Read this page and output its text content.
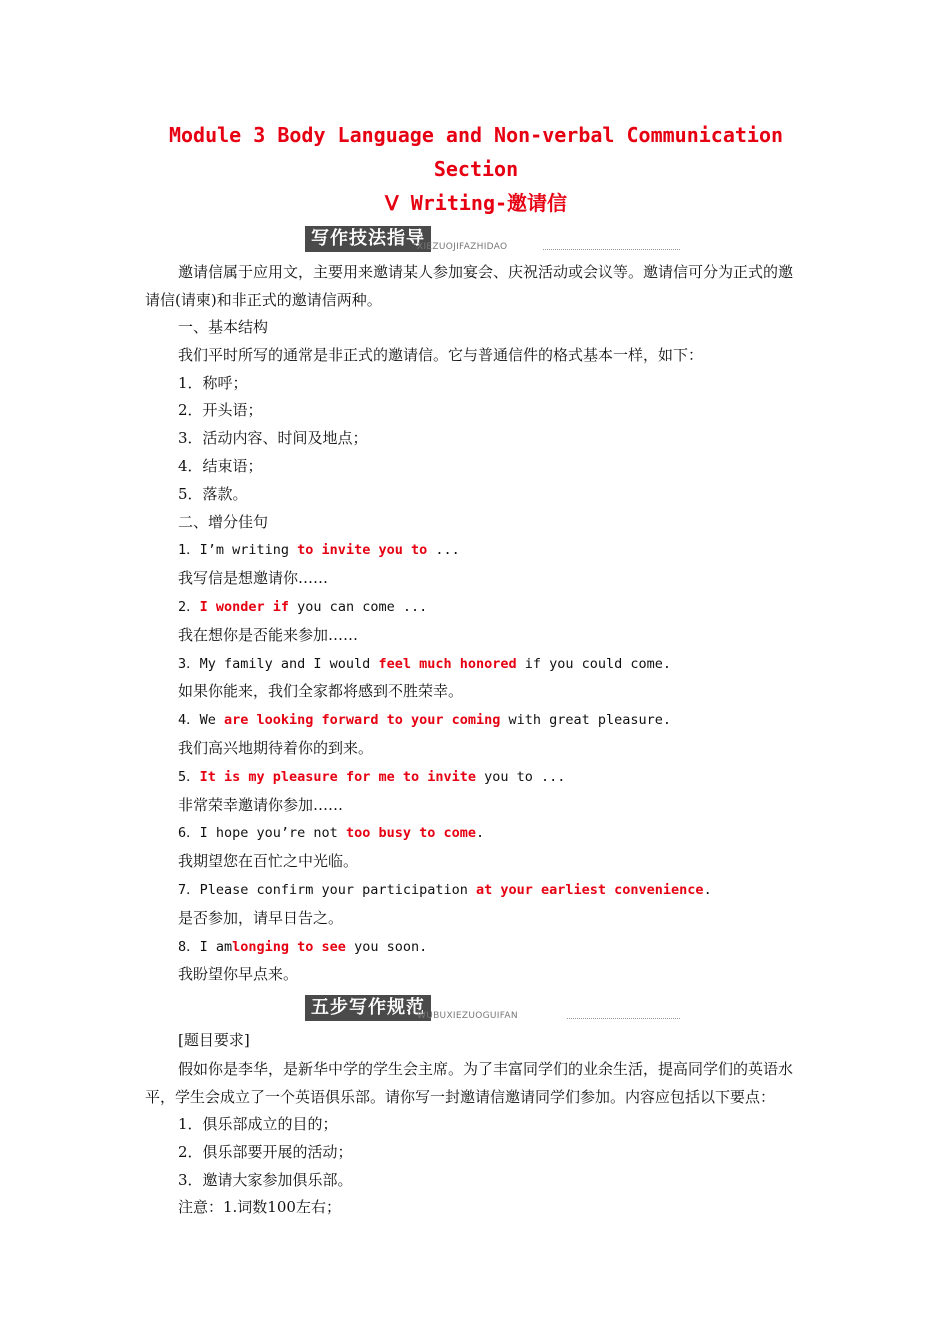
Module 3 Body Language and Non-verbal Communication Section

Ⅴ Writing-邀请信

写作技法指导
XIEZUOJIFAZHIDAO

邀请信属于应用文，主要用来邀请某人参加宴会、庆祝活动或会议等。邀请信可分为正式的邀请信(请柬)和非正式的邀请信两种。

一、基本结构

我们平时所写的通常是非正式的邀请信。它与普通信件的格式基本一样，如下：

1．称呼；

2．开头语；

3．活动内容、时间及地点；

4．结束语；

5．落款。

二、增分佳句

1．I’m writing to invite you to ...

我写信是想邀请你……

2．I wonder if you can come ...

我在想你是否能来参加……

3．My family and I would feel much honored if you could come.

如果你能来，我们全家都将感到不胜荣幸。

4．We are looking forward to your coming with great pleasure.

我们高兴地期待着你的到来。

5．It is my pleasure for me to invite you to ...

非常荣幸邀请你参加……

6．I hope you’re not too busy to come.

我期望您在百忙之中光临。

7．Please confirm your participation at your earliest convenience.

是否参加，请早日告之。

8．I amlonging to see you soon.

我盼望你早点来。

五步写作规范
WUBUXIEZUOGUIFAN

[题目要求]

假如你是李华，是新华中学的学生会主席。为了丰富同学们的业余生活，提高同学们的英语水平，学生会成立了一个英语俱乐部。请你写一封邀请信邀请同学们参加。内容应包括以下要点：

1．俱乐部成立的目的；

2．俱乐部要开展的活动；

3．邀请大家参加俱乐部。

注意：1.词数100左右；
